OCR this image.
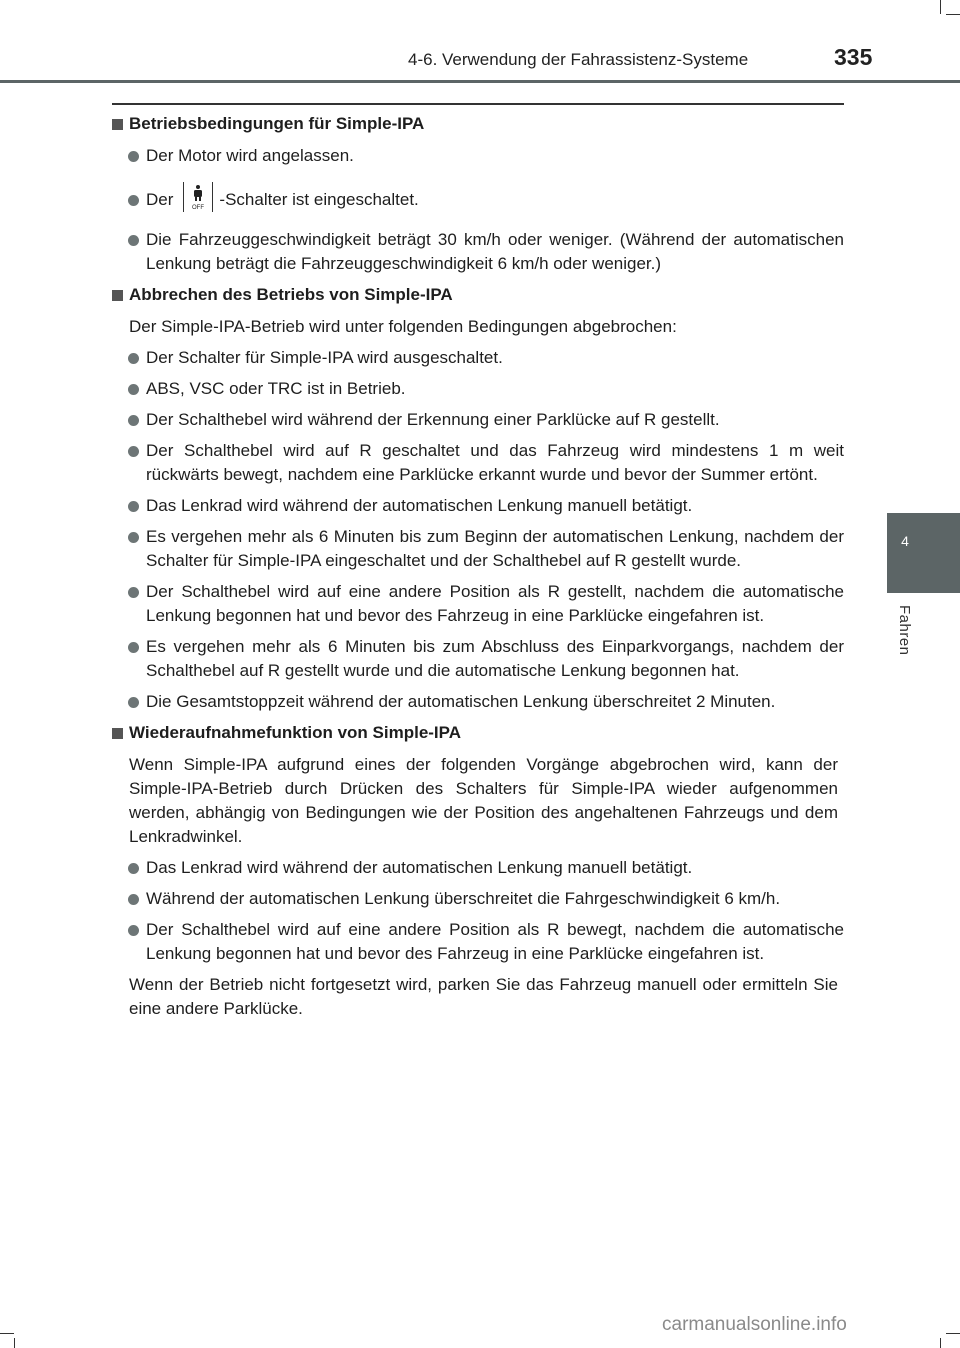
4-6. Verwendung der Fahrassistenz-Systeme	335
4
Fahren
Betriebsbedingungen für Simple-IPA
Der Motor wird angelassen.
Der	OFF -Schalter ist eingeschaltet.
Die Fahrzeuggeschwindigkeit beträgt 30 km/h oder weniger. (Während der automatischen Lenkung beträgt die Fahrzeuggeschwindigkeit 6 km/h oder weniger.)
Abbrechen des Betriebs von Simple-IPA
Der Simple-IPA-Betrieb wird unter folgenden Bedingungen abgebrochen:
Der Schalter für Simple-IPA wird ausgeschaltet.
ABS, VSC oder TRC ist in Betrieb.
Der Schalthebel wird während der Erkennung einer Parklücke auf R gestellt.
Der Schalthebel wird auf R geschaltet und das Fahrzeug wird mindestens 1 m weit rückwärts bewegt, nachdem eine Parklücke erkannt wurde und bevor der Summer ertönt.
Das Lenkrad wird während der automatischen Lenkung manuell betätigt.
Es vergehen mehr als 6 Minuten bis zum Beginn der automatischen Lenkung, nachdem der Schalter für Simple-IPA eingeschaltet und der Schalthebel auf R gestellt wurde.
Der Schalthebel wird auf eine andere Position als R gestellt, nachdem die automatische Lenkung begonnen hat und bevor des Fahrzeug in eine Parklücke eingefahren ist.
Es vergehen mehr als 6 Minuten bis zum Abschluss des Einparkvorgangs, nachdem der Schalthebel auf R gestellt wurde und die automatische Lenkung begonnen hat.
Die Gesamtstoppzeit während der automatischen Lenkung überschreitet 2 Minuten.
Wiederaufnahmefunktion von Simple-IPA
Wenn Simple-IPA aufgrund eines der folgenden Vorgänge abgebrochen wird, kann der Simple-IPA-Betrieb durch Drücken des Schalters für Simple-IPA wieder aufgenommen werden, abhängig von Bedingungen wie der Position des angehaltenen Fahrzeugs und dem Lenkradwinkel.
Das Lenkrad wird während der automatischen Lenkung manuell betätigt.
Während der automatischen Lenkung überschreitet die Fahrgeschwindigkeit 6 km/h.
Der Schalthebel wird auf eine andere Position als R bewegt, nachdem die automatische Lenkung begonnen hat und bevor des Fahrzeug in eine Parklücke eingefahren ist.
Wenn der Betrieb nicht fortgesetzt wird, parken Sie das Fahrzeug manuell oder ermitteln Sie eine andere Parklücke.
carmanualsonline.info
